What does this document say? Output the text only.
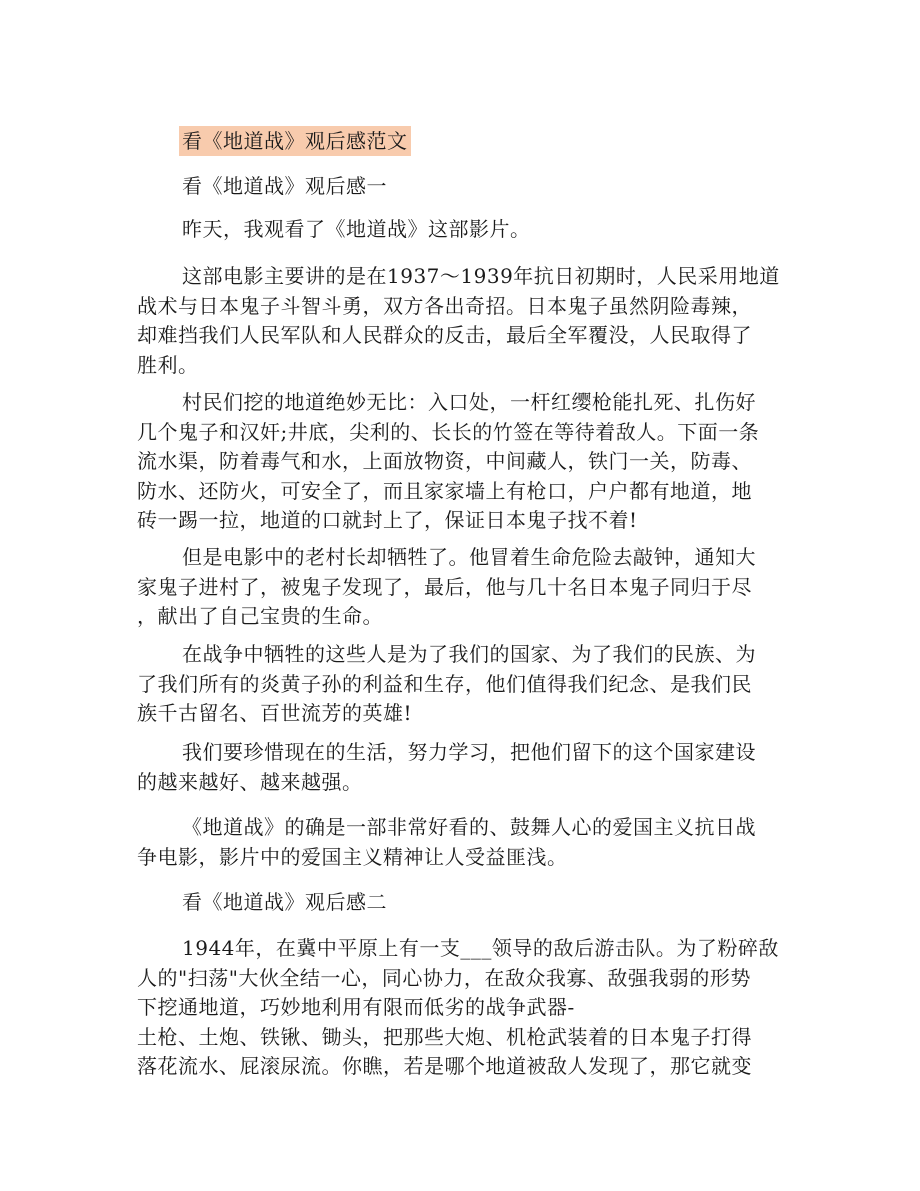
看《地道战》观后感范文
看《地道战》观后感一

昨天，我观看了《地道战》这部影片。

这部电影主要讲的是在1937～1939年抗日初期时，人民采用地道
战术与日本鬼子斗智斗勇，双方各出奇招。日本鬼子虽然阴险毒辣，
却难挡我们人民军队和人民群众的反击，最后全军覆没，人民取得了
胜利。

村民们挖的地道绝妙无比：入口处，一杆红缨枪能扎死、扎伤好
几个鬼子和汉奸;井底，尖利的、长长的竹签在等待着敌人。下面一条
流水渠，防着毒气和水，上面放物资，中间藏人，铁门一关，防毒、
防水、还防火，可安全了，而且家家墙上有枪口，户户都有地道，地
砖一踢一拉，地道的口就封上了，保证日本鬼子找不着!

但是电影中的老村长却牺牲了。他冒着生命危险去敲钟，通知大
家鬼子进村了，被鬼子发现了，最后，他与几十名日本鬼子同归于尽
，献出了自己宝贵的生命。

在战争中牺牲的这些人是为了我们的国家、为了我们的民族、为
了我们所有的炎黄子孙的利益和生存，他们值得我们纪念、是我们民
族千古留名、百世流芳的英雄!

我们要珍惜现在的生活，努力学习，把他们留下的这个国家建设
的越来越好、越来越强。

《地道战》的确是一部非常好看的、鼓舞人心的爱国主义抗日战
争电影，影片中的爱国主义精神让人受益匪浅。

看《地道战》观后感二

1944年，在冀中平原上有一支___领导的敌后游击队。为了粉碎敌
人的"扫荡"大伙全结一心，同心协力，在敌众我寡、敌强我弱的形势
下挖通地道，巧妙地利用有限而低劣的战争武器-
土枪、土炮、铁锹、锄头，把那些大炮、机枪武装着的日本鬼子打得
落花流水、屁滚尿流。你瞧，若是哪个地道被敌人发现了，那它就变
